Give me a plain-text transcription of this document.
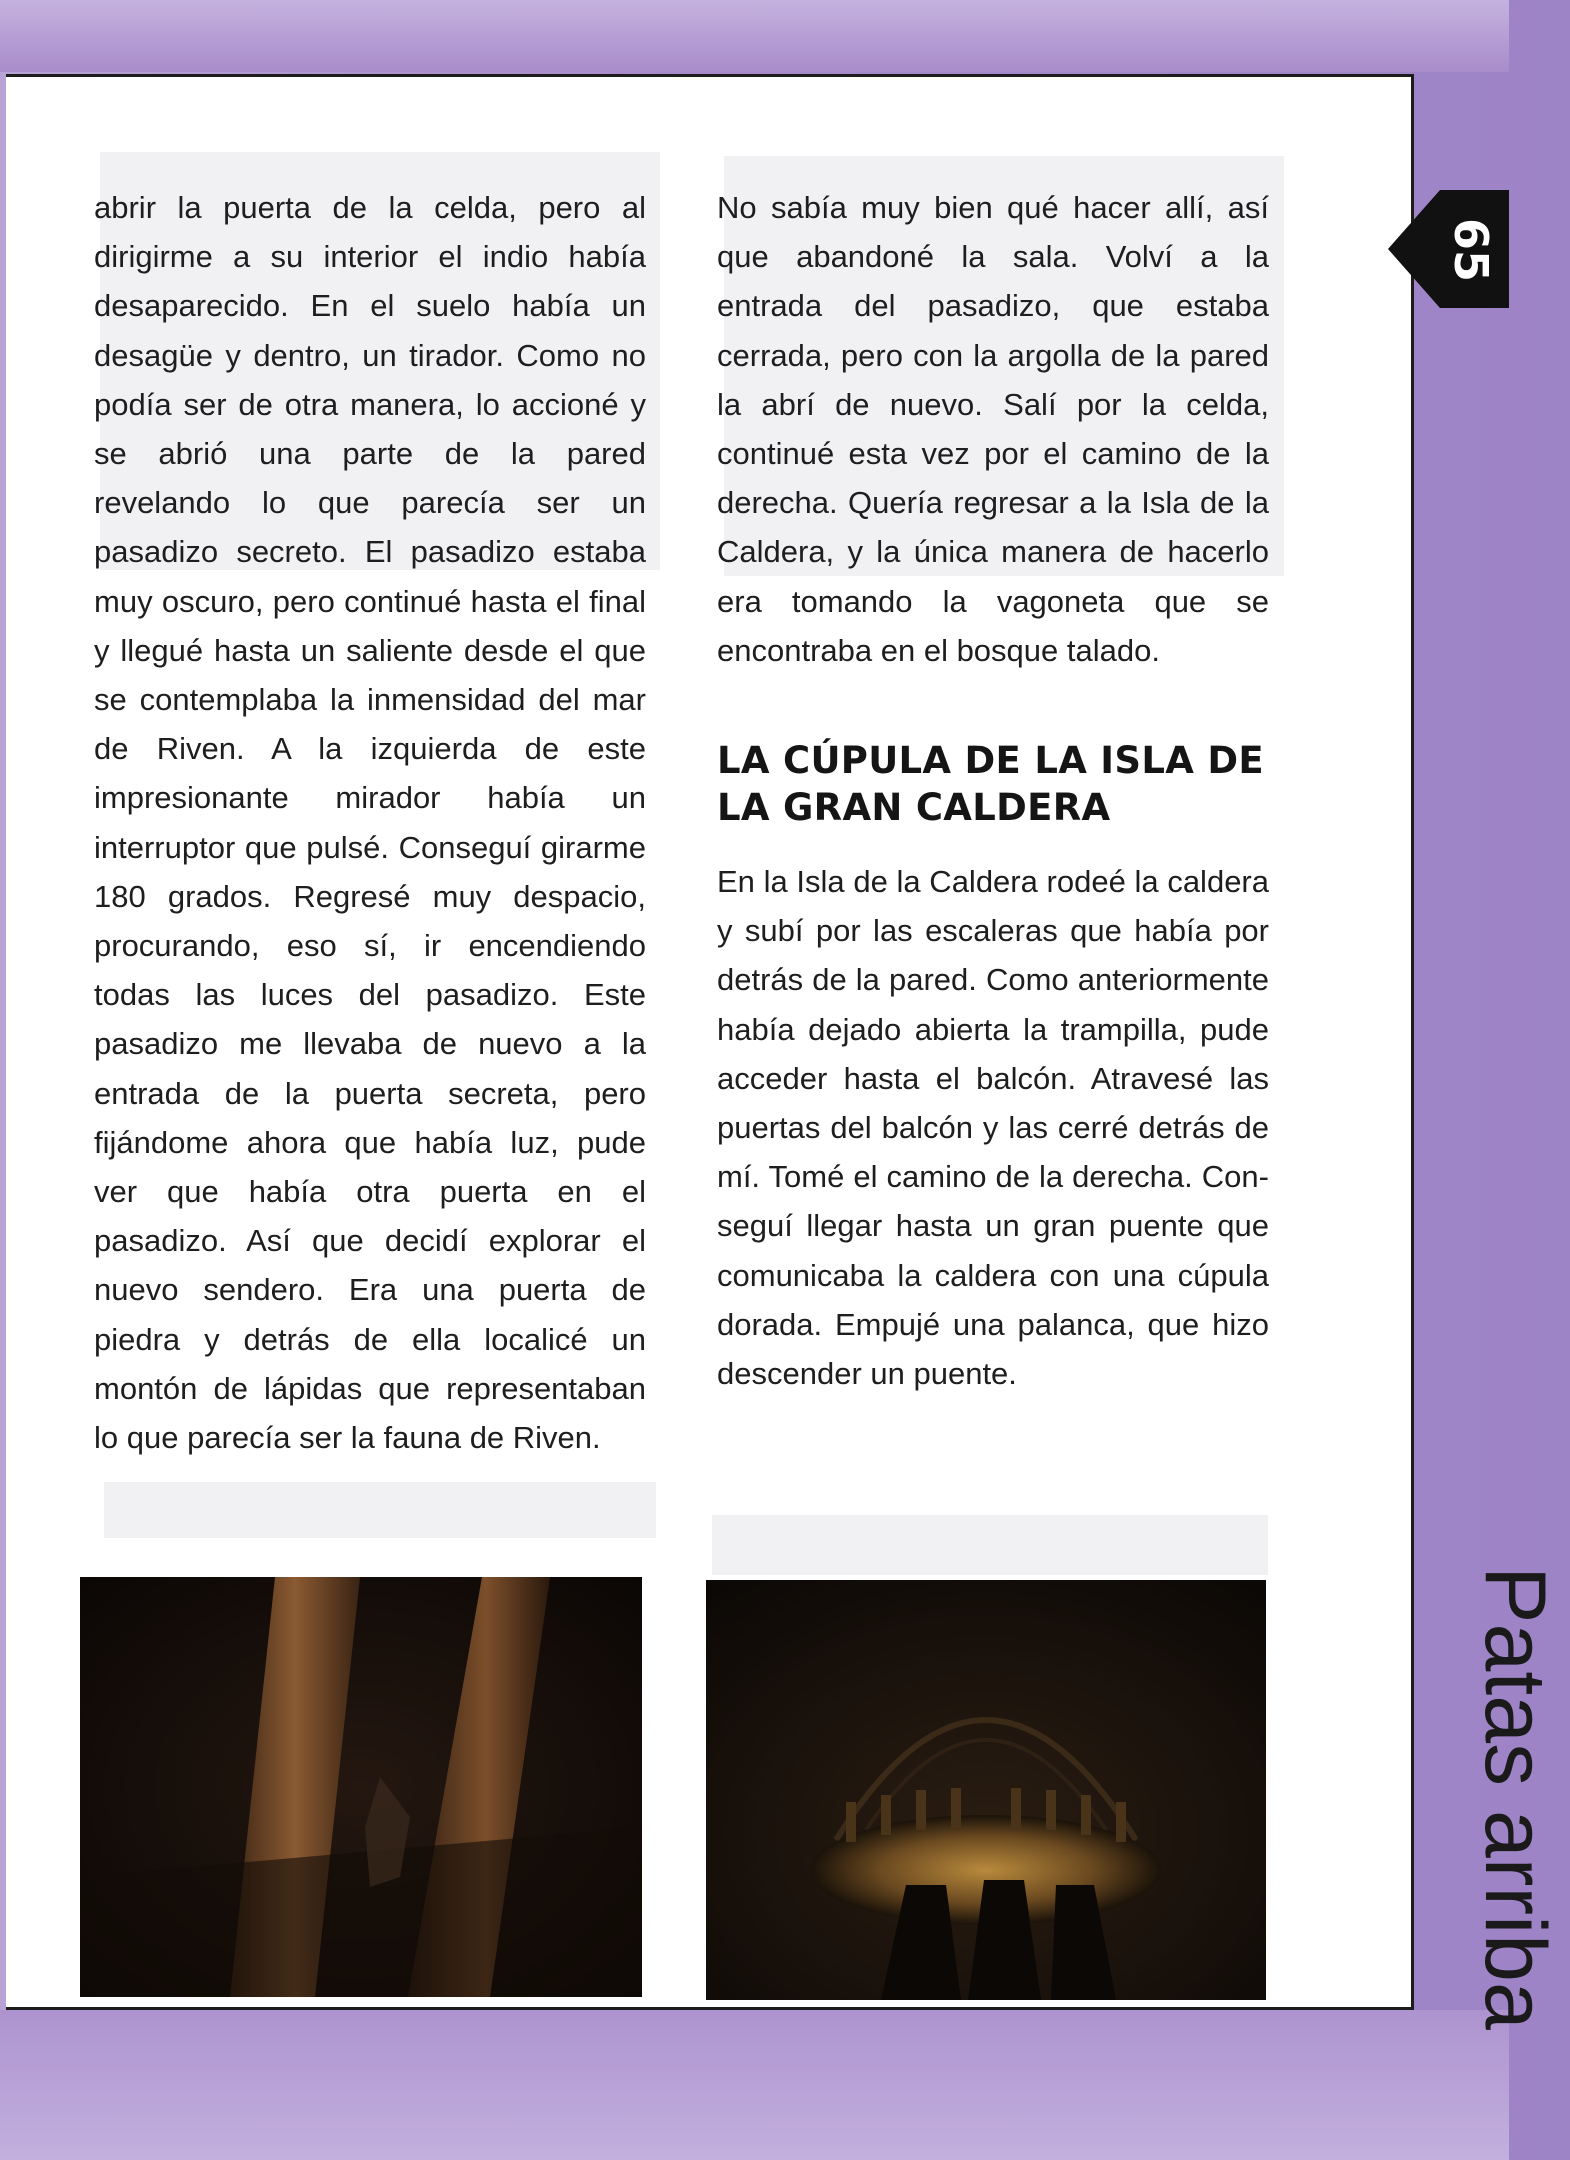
abrir la puerta de la celda, pero al dirigirme a su interior el indio había desaparecido. En el suelo había un desagüe y dentro, un tirador. Como no podía ser de otra manera, lo accioné y se abrió una parte de la pared revelando lo que parecía ser un pasadizo secreto. El pasadizo estaba muy oscuro, pero continué hasta el final y llegué hasta un saliente desde el que se contemplaba la inmensidad del mar de Riven. A la izquierda de este impresionante mirador había un interruptor que pulsé. Conseguí girarme 180 grados. Regresé muy despacio, procurando, eso sí, ir encendiendo todas las luces del pasadizo. Este pasadizo me llevaba de nuevo a la entrada de la puerta secreta, pero fijándome ahora que había luz, pude ver que había otra puerta en el pasadizo. Así que decidí explorar el nuevo sendero. Era una puerta de piedra y detrás de ella localicé un montón de lápidas que representaban lo que parecía ser la fauna de Riven.

No sabía muy bien qué hacer allí, así que abandoné la sala. Volví a la entrada del pasadizo, que estaba cerrada, pero con la argolla de la pared la abrí de nuevo. Salí por la celda, continué esta vez por el camino de la derecha. Quería regresar a la Isla de la Caldera, y la única manera de hacerlo era tomando la vagoneta que se encontraba en el bosque talado.

LA CÚPULA DE LA ISLA DE LA GRAN CALDERA

En la Isla de la Caldera rodeé la caldera y subí por las escaleras que había por detrás de la pared. Como anteriormente había dejado abierta la trampilla, pude acceder hasta el balcón. Atravesé las puertas del balcón y las cerré detrás de mí. Tomé el camino de la derecha. Conseguí llegar hasta un gran puente que comunicaba la caldera con una cúpula dorada. Empujé una palanca, que hizo descender un puente.

65
Patas arriba
